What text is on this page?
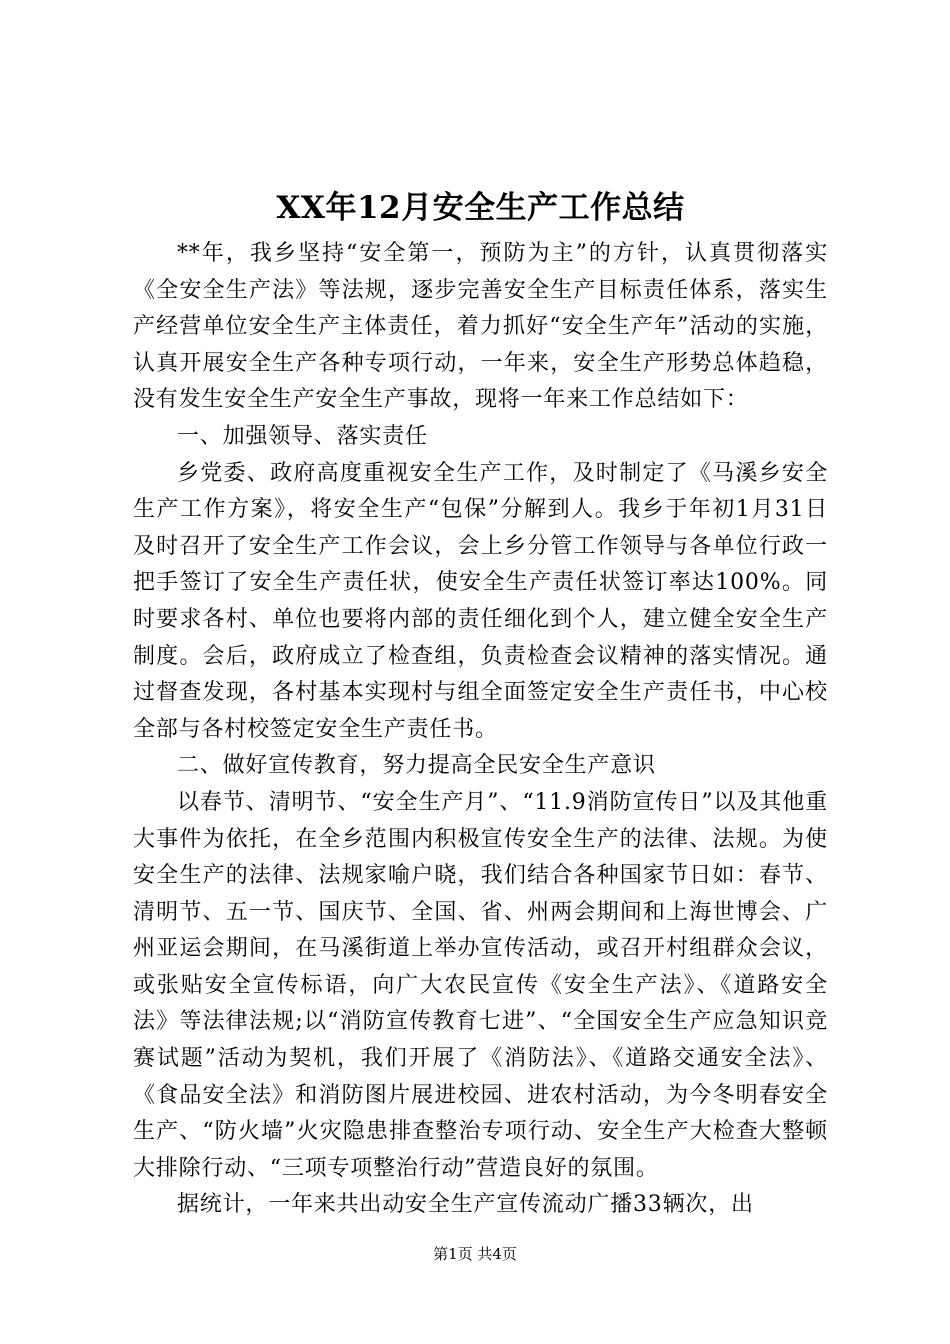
XX年12月安全生产工作总结

**年，我乡坚持“安全第一，预防为主”的方针，认真贯彻落实《全安全生产法》等法规，逐步完善安全生产目标责任体系，落实生产经营单位安全生产主体责任，着力抓好“安全生产年”活动的实施，认真开展安全生产各种专项行动，一年来，安全生产形势总体趋稳，没有发生安全生产安全生产事故，现将一年来工作总结如下：

一、加强领导、落实责任

乡党委、政府高度重视安全生产工作，及时制定了《马溪乡安全生产工作方案》，将安全生产“包保”分解到人。我乡于年初1月31日及时召开了安全生产工作会议，会上乡分管工作领导与各单位行政一把手签订了安全生产责任状，使安全生产责任状签订率达100%。同时要求各村、单位也要将内部的责任细化到个人，建立健全安全生产制度。会后，政府成立了检查组，负责检查会议精神的落实情况。通过督查发现，各村基本实现村与组全面签定安全生产责任书，中心校全部与各村校签定安全生产责任书。

二、做好宣传教育，努力提高全民安全生产意识

以春节、清明节、“安全生产月”、“11.9消防宣传日”以及其他重大事件为依托，在全乡范围内积极宣传安全生产的法律、法规。为使安全生产的法律、法规家喻户晓，我们结合各种国家节日如：春节、清明节、五一节、国庆节、全国、省、州两会期间和上海世博会、广州亚运会期间，在马溪街道上举办宣传活动，或召开村组群众会议，或张贴安全宣传标语，向广大农民宣传《安全生产法》、《道路安全法》等法律法规;以“消防宣传教育七进”、“全国安全生产应急知识竞赛试题”活动为契机，我们开展了《消防法》、《道路交通安全法》、《食品安全法》和消防图片展进校园、进农村活动，为今冬明春安全生产、“防火墙”火灾隐患排查整治专项行动、安全生产大检查大整顿大排除行动、“三项专项整治行动”营造良好的氛围。

据统计，一年来共出动安全生产宣传流动广播33辆次，出

第1页 共4页
